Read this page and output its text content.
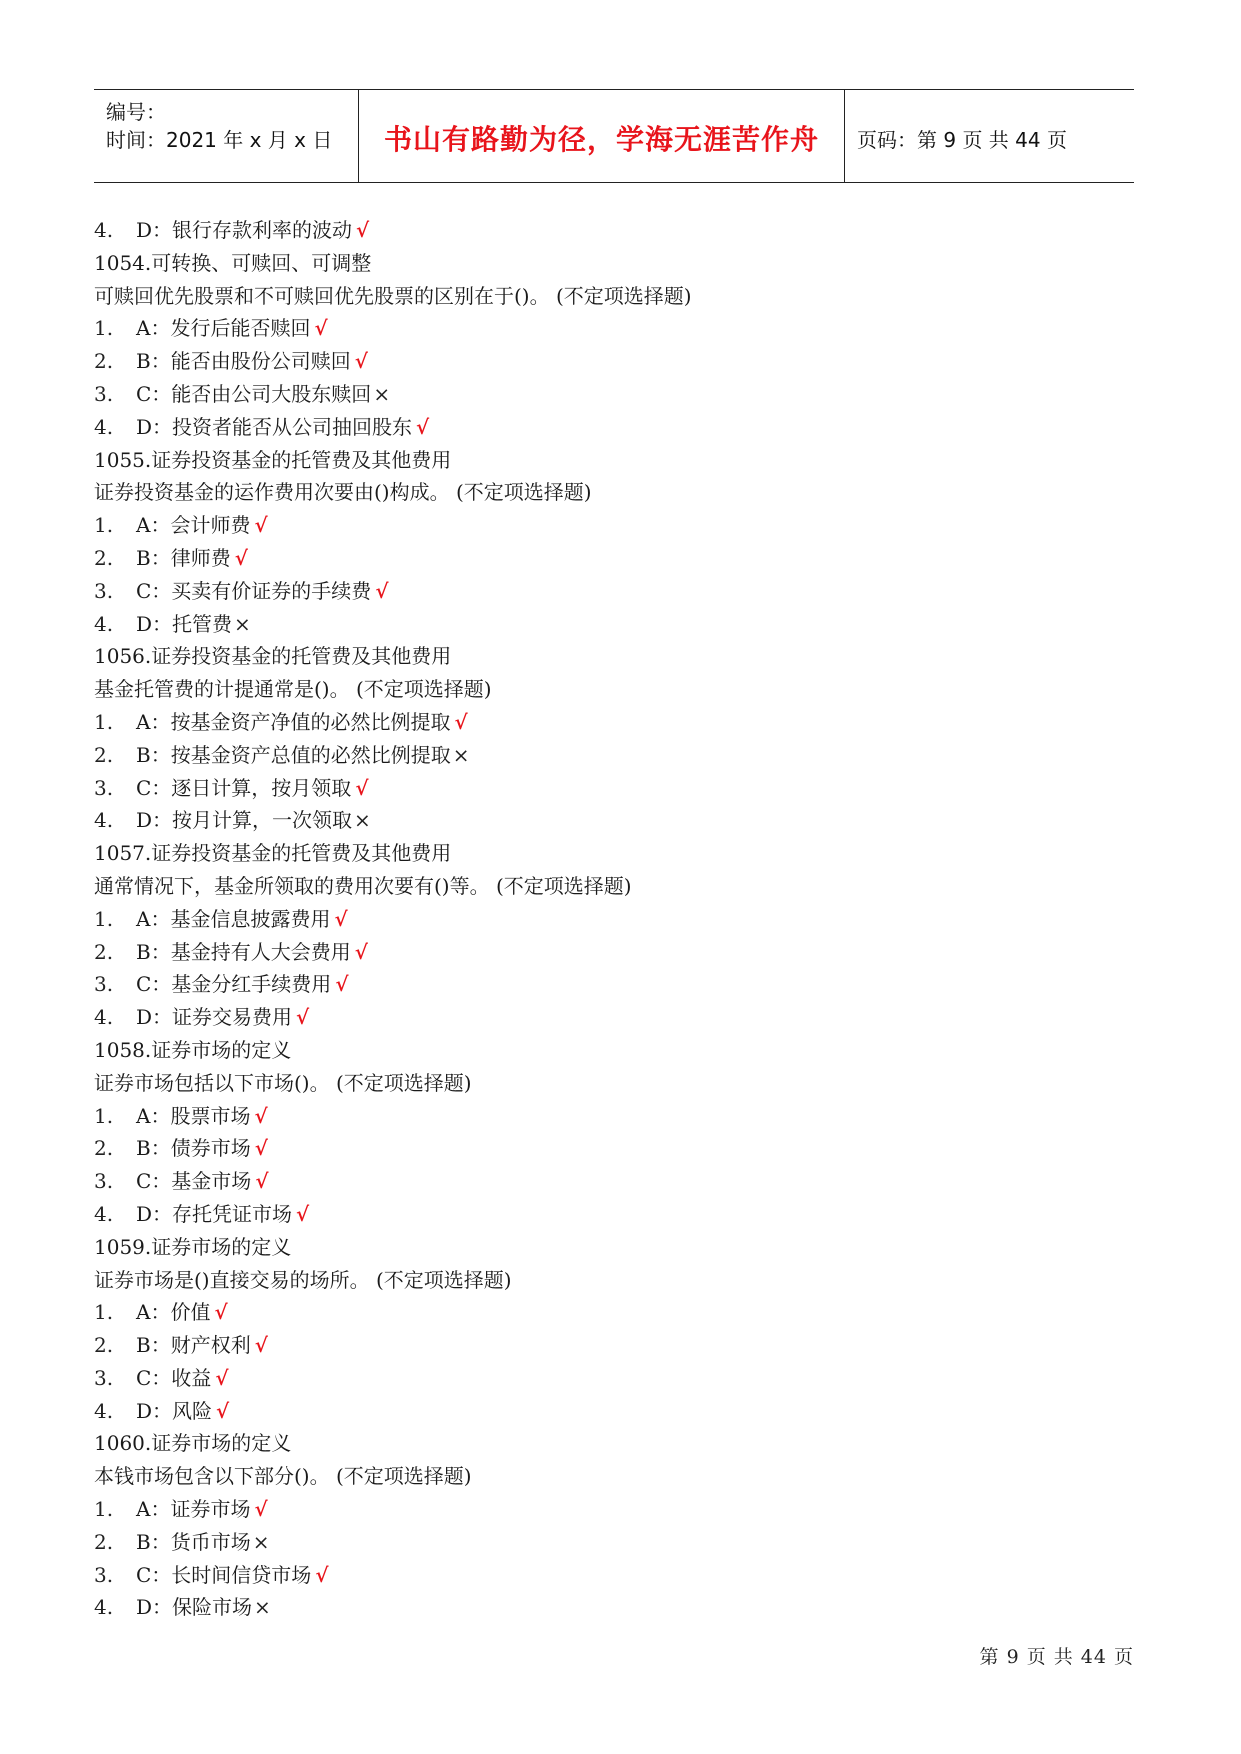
编号：
时间：2021 年 x 月 x 日	书山有路勤为径，学海无涯苦作舟	页码：第 9 页 共 44 页
4. D：银行存款利率的波动 √
1054.可转换、可赎回、可调整
可赎回优先股票和不可赎回优先股票的区别在于()。 (不定项选择题)
1. A：发行后能否赎回 √
2. B：能否由股份公司赎回 √
3. C：能否由公司大股东赎回 ×
4. D：投资者能否从公司抽回股东 √
1055.证券投资基金的托管费及其他费用
证券投资基金的运作费用次要由()构成。 (不定项选择题)
1. A：会计师费 √
2. B：律师费 √
3. C：买卖有价证券的手续费 √
4. D：托管费 ×
1056.证券投资基金的托管费及其他费用
基金托管费的计提通常是()。 (不定项选择题)
1. A：按基金资产净值的必然比例提取 √
2. B：按基金资产总值的必然比例提取 ×
3. C：逐日计算，按月领取 √
4. D：按月计算，一次领取 ×
1057.证券投资基金的托管费及其他费用
通常情况下，基金所领取的费用次要有()等。 (不定项选择题)
1. A：基金信息披露费用 √
2. B：基金持有人大会费用 √
3. C：基金分红手续费用 √
4. D：证券交易费用 √
1058.证券市场的定义
证券市场包括以下市场()。 (不定项选择题)
1. A：股票市场 √
2. B：债券市场 √
3. C：基金市场 √
4. D：存托凭证市场 √
1059.证券市场的定义
证券市场是()直接交易的场所。 (不定项选择题)
1. A：价值 √
2. B：财产权利 √
3. C：收益 √
4. D：风险 √
1060.证券市场的定义
本钱市场包含以下部分()。 (不定项选择题)
1. A：证券市场 √
2. B：货币市场 ×
3. C：长时间信贷市场 √
4. D：保险市场 ×
第 9 页 共 44 页
